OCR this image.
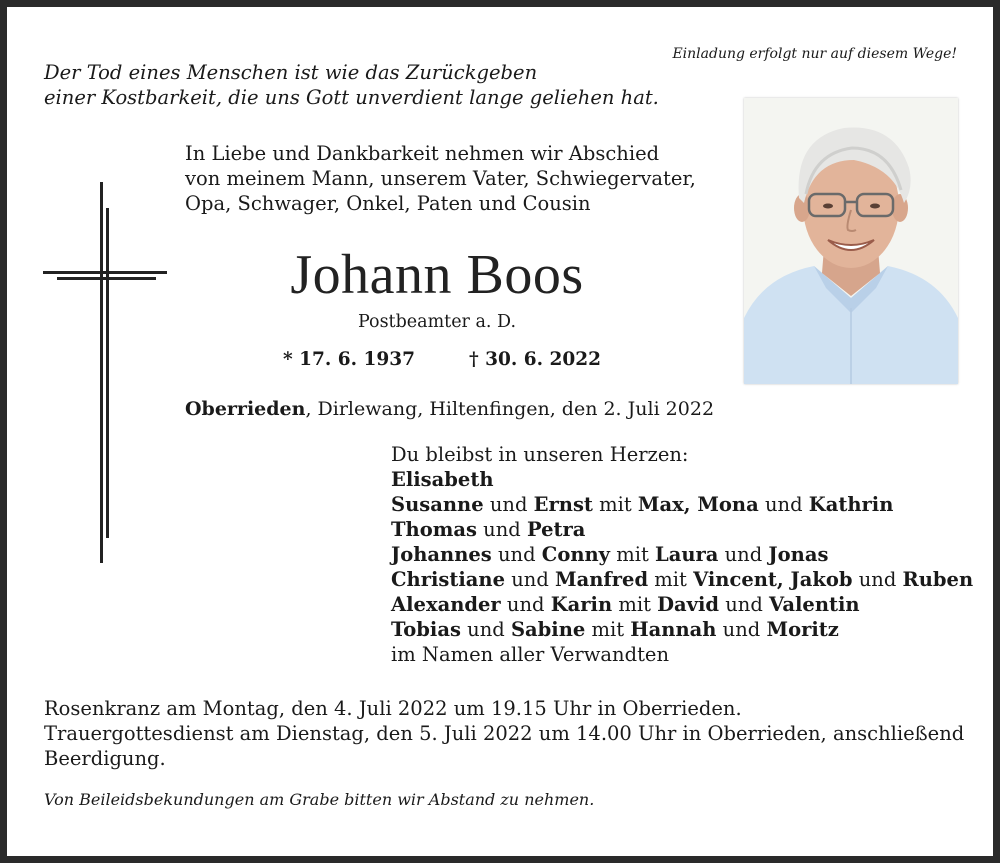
Einladung erfolgt nur auf diesem Wege!
Der Tod eines Menschen ist wie das Zurückgeben
einer Kostbarkeit, die uns Gott unverdient lange geliehen hat.
In Liebe und Dankbarkeit nehmen wir Abschied
von meinem Mann, unserem Vater, Schwiegervater,
Opa, Schwager, Onkel, Paten und Cousin
Johann Boos
Postbeamter a. D.
* 17. 6. 1937	† 30. 6. 2022
Oberrieden, Dirlewang, Hiltenfingen, den 2. Juli 2022
Du bleibst in unseren Herzen:
Elisabeth
Susanne und Ernst mit Max, Mona und Kathrin
Thomas und Petra
Johannes und Conny mit Laura und Jonas
Christiane und Manfred mit Vincent, Jakob und Ruben
Alexander und Karin mit David und Valentin
Tobias und Sabine mit Hannah und Moritz
im Namen aller Verwandten
Rosenkranz am Montag, den 4. Juli 2022 um 19.15 Uhr in Oberrieden.
Trauergottesdienst am Dienstag, den 5. Juli 2022 um 14.00 Uhr in Oberrieden, anschließend
Beerdigung.
Von Beileidsbekundungen am Grabe bitten wir Abstand zu nehmen.
